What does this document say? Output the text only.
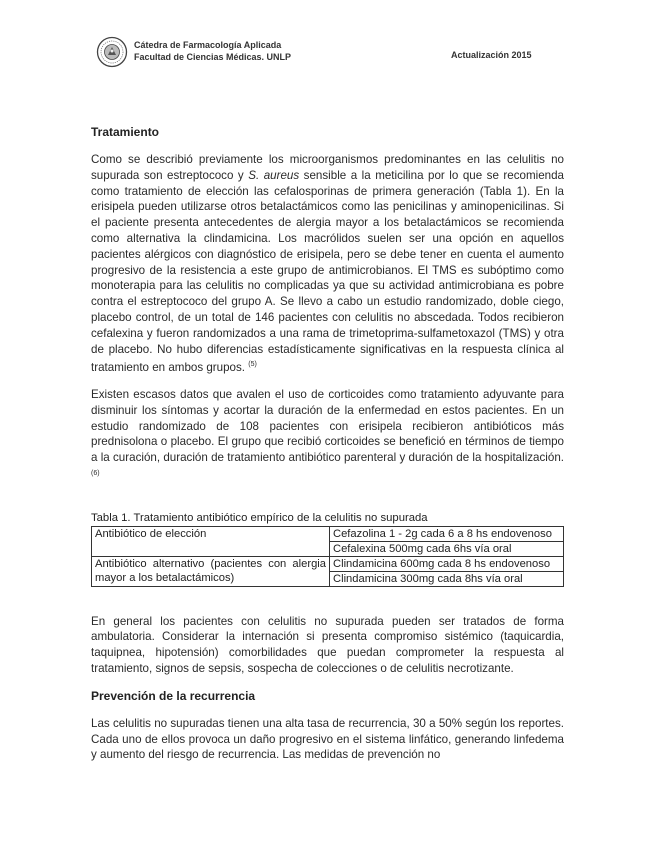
Cátedra de Farmacología Aplicada
Facultad de Ciencias Médicas. UNLP	Actualización 2015
Tratamiento

Como se describió previamente los microorganismos predominantes en las celulitis no supurada son estreptococo y S. aureus sensible a la meticilina por lo que se recomienda como tratamiento de elección las cefalosporinas de primera generación (Tabla 1). En la erisipela pueden utilizarse otros betalactámicos como las penicilinas y aminopenicilinas. Si el paciente presenta antecedentes de alergia mayor a los betalactámicos se recomienda como alternativa la clindamicina. Los macrólidos suelen ser una opción en aquellos pacientes alérgicos con diagnóstico de erisipela, pero se debe tener en cuenta el aumento progresivo de la resistencia a este grupo de antimicrobianos. El TMS es subóptimo como monoterapia para las celulitis no complicadas ya que su actividad antimicrobiana es pobre contra el estreptococo del grupo A. Se llevo a cabo un estudio randomizado, doble ciego, placebo control, de un total de 146 pacientes con celulitis no abscedada. Todos recibieron cefalexina y fueron randomizados a una rama de trimetoprima-sulfametoxazol (TMS) y otra de placebo. No hubo diferencias estadísticamente significativas en la respuesta clínica al tratamiento en ambos grupos. $^{(5)}$

Existen escasos datos que avalen el uso de corticoides como tratamiento adyuvante para disminuir los síntomas y acortar la duración de la enfermedad en estos pacientes. En un estudio randomizado de 108 pacientes con erisipela recibieron antibióticos más prednisolona o placebo. El grupo que recibió corticoides se benefició en términos de tiempo a la curación, duración de tratamiento antibiótico parenteral y duración de la hospitalización. $^{(6)}$

Tabla 1. Tratamiento antibiótico empírico de la celulitis no supurada
Antibiótico de elección	Cefazolina 1 - 2g cada 6 a 8 hs endovenoso
	Cefalexina 500mg cada 6hs vía oral
Antibiótico alternativo (pacientes con alergia mayor a los betalactámicos)	Clindamicina 600mg cada 8 hs endovenoso
	Clindamicina 300mg cada 8hs vía oral

En general los pacientes con celulitis no supurada pueden ser tratados de forma ambulatoria. Considerar la internación si presenta compromiso sistémico (taquicardia, taquipnea, hipotensión) comorbilidades que puedan comprometer la respuesta al tratamiento, signos de sepsis, sospecha de colecciones o de celulitis necrotizante.

Prevención de la recurrencia

Las celulitis no supuradas tienen una alta tasa de recurrencia, 30 a 50% según los reportes. Cada uno de ellos provoca un daño progresivo en el sistema linfático, generando linfedema y aumento del riesgo de recurrencia. Las medidas de prevención no
